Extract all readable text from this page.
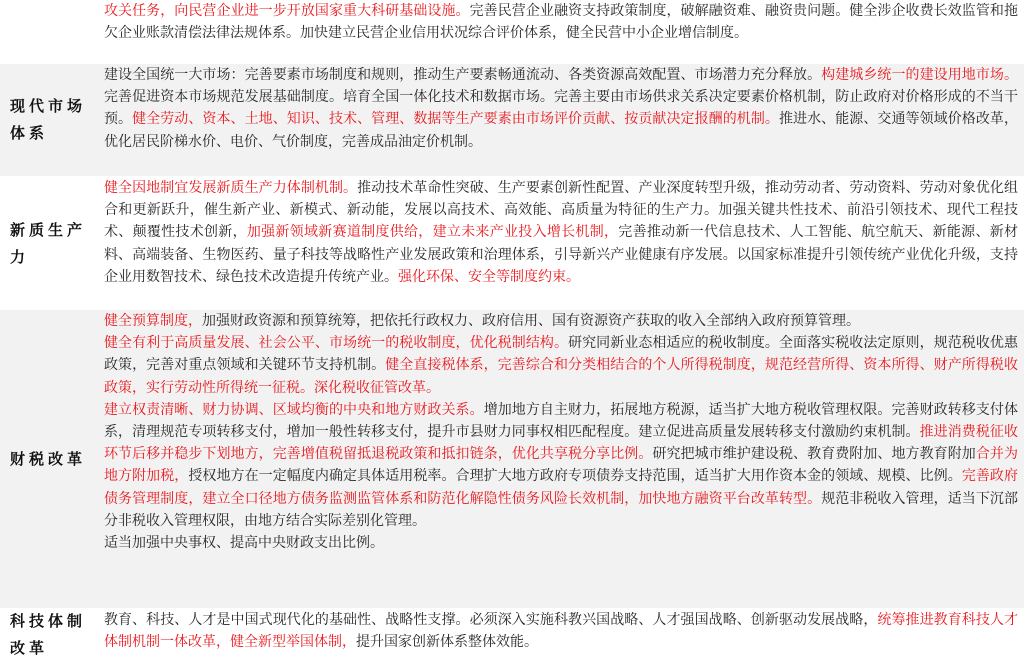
攻关任务，向民营企业进一步开放国家重大科研基础设施。完善民营企业融资支持政策制度，破解融资难、融资贵问题。健全涉企收费长效监管和拖欠企业账款清偿法律法规体系。加快建立民营企业信用状况综合评价体系，健全民营中小企业增信制度。

现代市场体系

建设全国统一大市场：完善要素市场制度和规则，推动生产要素畅通流动、各类资源高效配置、市场潜力充分释放。构建城乡统一的建设用地市场。完善促进资本市场规范发展基础制度。培育全国一体化技术和数据市场。完善主要由市场供求关系决定要素价格机制，防止政府对价格形成的不当干预。健全劳动、资本、土地、知识、技术、管理、数据等生产要素由市场评价贡献、按贡献决定报酬的机制。推进水、能源、交通等领域价格改革，优化居民阶梯水价、电价、气价制度，完善成品油定价机制。

新质生产力

健全因地制宜发展新质生产力体制机制。推动技术革命性突破、生产要素创新性配置、产业深度转型升级，推动劳动者、劳动资料、劳动对象优化组合和更新跃升，催生新产业、新模式、新动能，发展以高技术、高效能、高质量为特征的生产力。加强关键共性技术、前沿引领技术、现代工程技术、颠覆性技术创新，加强新领域新赛道制度供给，建立未来产业投入增长机制，完善推动新一代信息技术、人工智能、航空航天、新能源、新材料、高端装备、生物医药、量子科技等战略性产业发展政策和治理体系，引导新兴产业健康有序发展。以国家标准提升引领传统产业优化升级，支持企业用数智技术、绿色技术改造提升传统产业。强化环保、安全等制度约束。

财税改革

健全预算制度，加强财政资源和预算统筹，把依托行政权力、政府信用、国有资源资产获取的收入全部纳入政府预算管理。

健全有利于高质量发展、社会公平、市场统一的税收制度，优化税制结构。研究同新业态相适应的税收制度。全面落实税收法定原则，规范税收优惠政策，完善对重点领域和关键环节支持机制。健全直接税体系，完善综合和分类相结合的个人所得税制度，规范经营所得、资本所得、财产所得税收政策，实行劳动性所得统一征税。深化税收征管改革。

建立权责清晰、财力协调、区域均衡的中央和地方财政关系。增加地方自主财力，拓展地方税源，适当扩大地方税收管理权限。完善财政转移支付体系，清理规范专项转移支付，增加一般性转移支付，提升市县财力同事权相匹配程度。建立促进高质量发展转移支付激励约束机制。推进消费税征收环节后移并稳步下划地方，完善增值税留抵退税政策和抵扣链条，优化共享税分享比例。研究把城市维护建设税、教育费附加、地方教育附加合并为地方附加税，授权地方在一定幅度内确定具体适用税率。合理扩大地方政府专项债券支持范围，适当扩大用作资本金的领域、规模、比例。完善政府债务管理制度，建立全口径地方债务监测监管体系和防范化解隐性债务风险长效机制，加快地方融资平台改革转型。规范非税收入管理，适当下沉部分非税收入管理权限，由地方结合实际差别化管理。

适当加强中央事权、提高中央财政支出比例。

科技体制改革

教育、科技、人才是中国式现代化的基础性、战略性支撑。必须深入实施科教兴国战略、人才强国战略、创新驱动发展战略，统筹推进教育科技人才体制机制一体改革，健全新型举国体制，提升国家创新体系整体效能。
